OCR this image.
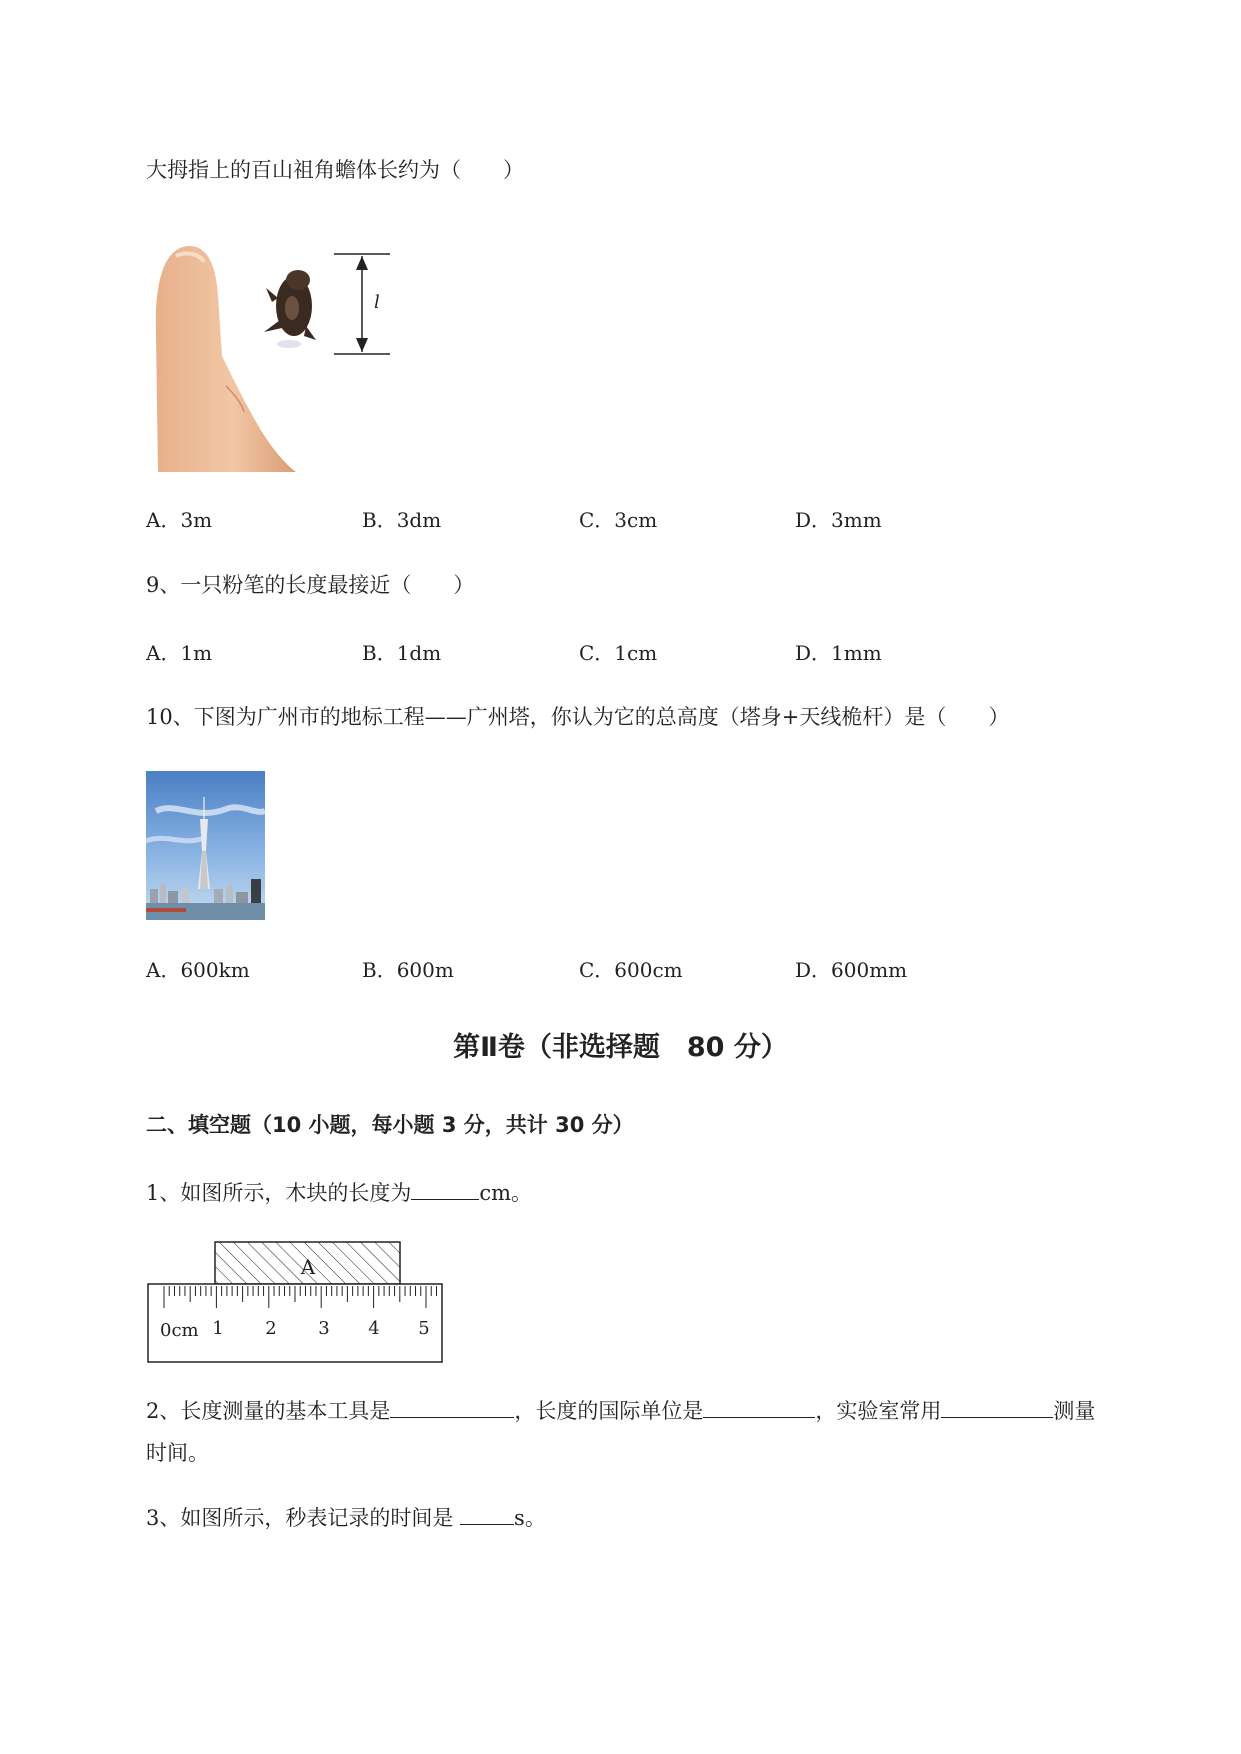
大拇指上的百山祖角蟾体长约为（　　）
l
A．3m	B．3dm	C．3cm	D．3mm
9、一只粉笔的长度最接近（　　）
A．1m	B．1dm	C．1cm	D．1mm
10、下图为广州市的地标工程——广州塔，你认为它的总高度（塔身+天线桅杆）是（　　）
A．600km	B．600m	C．600cm	D．600mm
第Ⅱ卷（非选择题　80 分）
二、填空题（10 小题，每小题 3 分，共计 30 分）
1、如图所示，木块的长度为	cm。
A
0cm 1 2 3 4 5
2、长度测量的基本工具是	，长度的国际单位是	，实验室常用	测量
时间。
3、如图所示，秒表记录的时间是	s。
